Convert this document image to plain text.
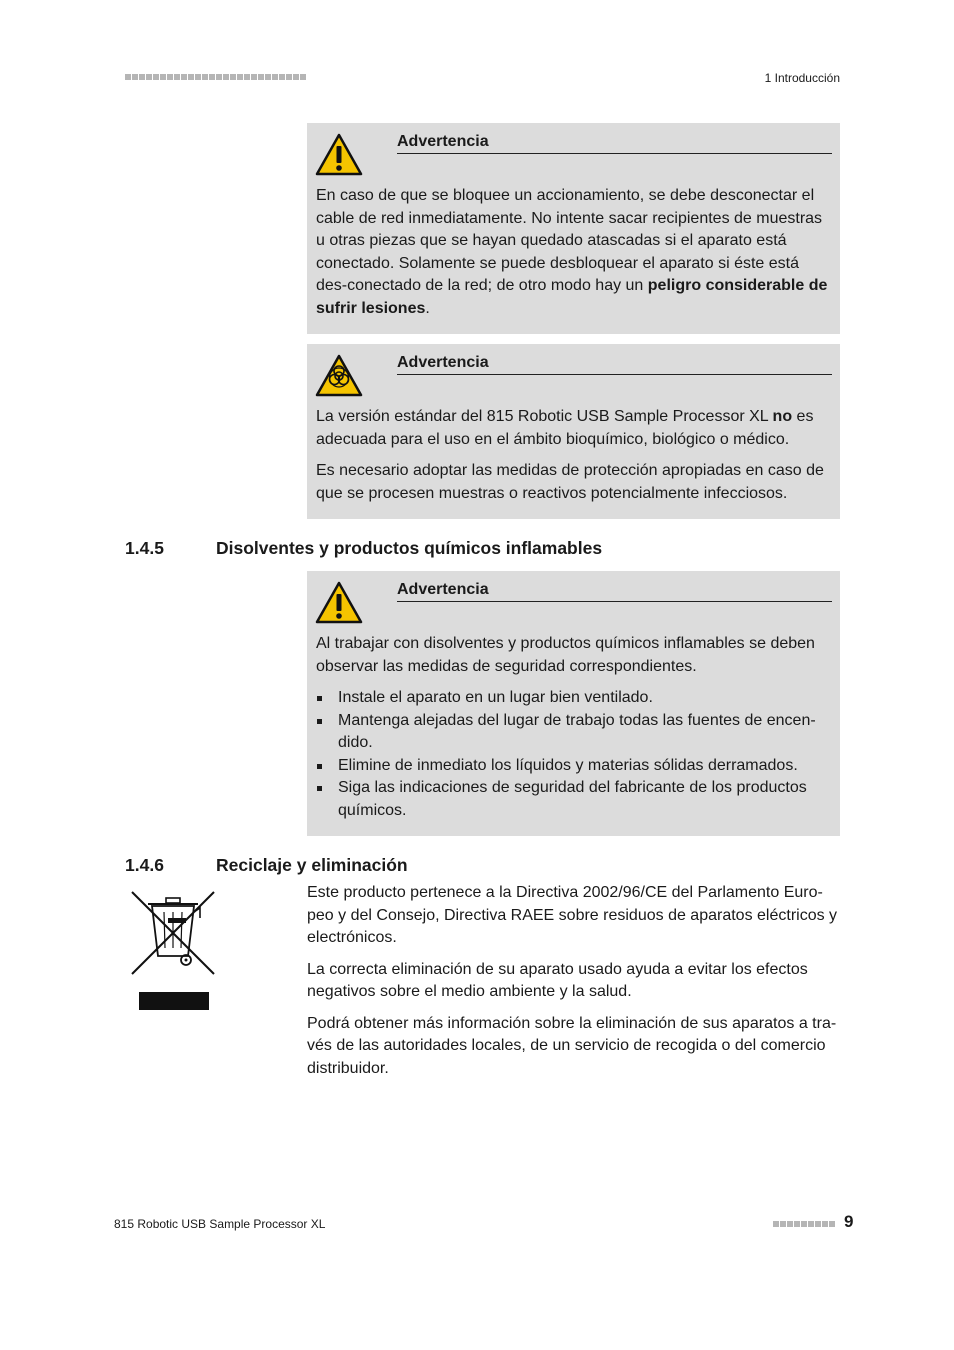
1 Introducción
Advertencia

En caso de que se bloquee un accionamiento, se debe desconectar el cable de red inmediatamente. No intente sacar recipientes de muestras u otras piezas que se hayan quedado atascadas si el aparato está conectado. Solamente se puede desbloquear el aparato si éste está des-conectado de la red; de otro modo hay un peligro considerable de sufrir lesiones.

Advertencia

La versión estándar del 815 Robotic USB Sample Processor XL no es adecuada para el uso en el ámbito bioquímico, biológico o médico.

Es necesario adoptar las medidas de protección apropiadas en caso de que se procesen muestras o reactivos potencialmente infecciosos.

1.4.5	Disolventes y productos químicos inflamables
Advertencia

Al trabajar con disolventes y productos químicos inflamables se deben observar las medidas de seguridad correspondientes.

Instale el aparato en un lugar bien ventilado.
Mantenga alejadas del lugar de trabajo todas las fuentes de encen-dido.
Elimine de inmediato los líquidos y materias sólidas derramados.
Siga las indicaciones de seguridad del fabricante de los productos químicos.
1.4.6	Reciclaje y eliminación

Este producto pertenece a la Directiva 2002/96/CE del Parlamento Euro-peo y del Consejo, Directiva RAEE sobre residuos de aparatos eléctricos y electrónicos.

La correcta eliminación de su aparato usado ayuda a evitar los efectos negativos sobre el medio ambiente y la salud.

Podrá obtener más información sobre la eliminación de sus aparatos a tra-vés de las autoridades locales, de un servicio de recogida o del comercio distribuidor.

815 Robotic USB Sample Processor XL	9
